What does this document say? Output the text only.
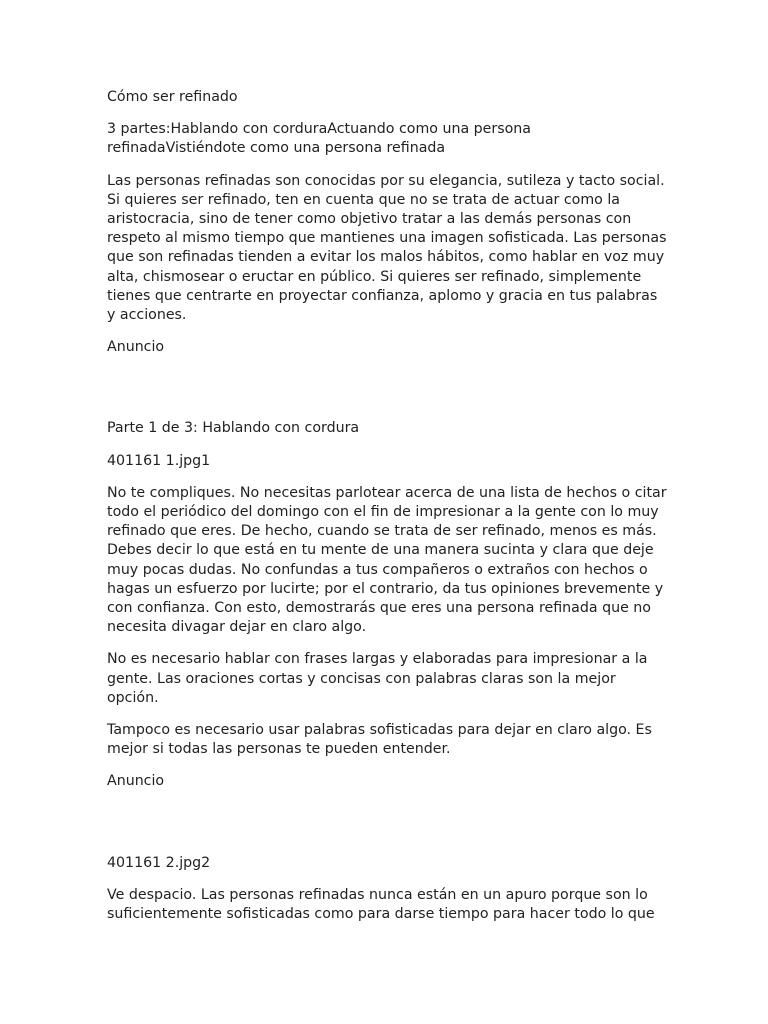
Cómo ser refinado

3 partes:Hablando con corduraActuando como una persona refinadaVistiéndote como una persona refinada

Las personas refinadas son conocidas por su elegancia, sutileza y tacto social. Si quieres ser refinado, ten en cuenta que no se trata de actuar como la aristocracia, sino de tener como objetivo tratar a las demás personas con respeto al mismo tiempo que mantienes una imagen sofisticada. Las personas que son refinadas tienden a evitar los malos hábitos, como hablar en voz muy alta, chismosear o eructar en público. Si quieres ser refinado, simplemente tienes que centrarte en proyectar confianza, aplomo y gracia en tus palabras y acciones.

Anuncio

Parte 1 de 3: Hablando con cordura

401161 1.jpg1

No te compliques. No necesitas parlotear acerca de una lista de hechos o citar todo el periódico del domingo con el fin de impresionar a la gente con lo muy refinado que eres. De hecho, cuando se trata de ser refinado, menos es más. Debes decir lo que está en tu mente de una manera sucinta y clara que deje muy pocas dudas. No confundas a tus compañeros o extraños con hechos o hagas un esfuerzo por lucirte; por el contrario, da tus opiniones brevemente y con confianza. Con esto, demostrarás que eres una persona refinada que no necesita divagar dejar en claro algo.

No es necesario hablar con frases largas y elaboradas para impresionar a la gente. Las oraciones cortas y concisas con palabras claras son la mejor opción.

Tampoco es necesario usar palabras sofisticadas para dejar en claro algo. Es mejor si todas las personas te pueden entender.

Anuncio

401161 2.jpg2

Ve despacio. Las personas refinadas nunca están en un apuro porque son lo suficientemente sofisticadas como para darse tiempo para hacer todo lo que
